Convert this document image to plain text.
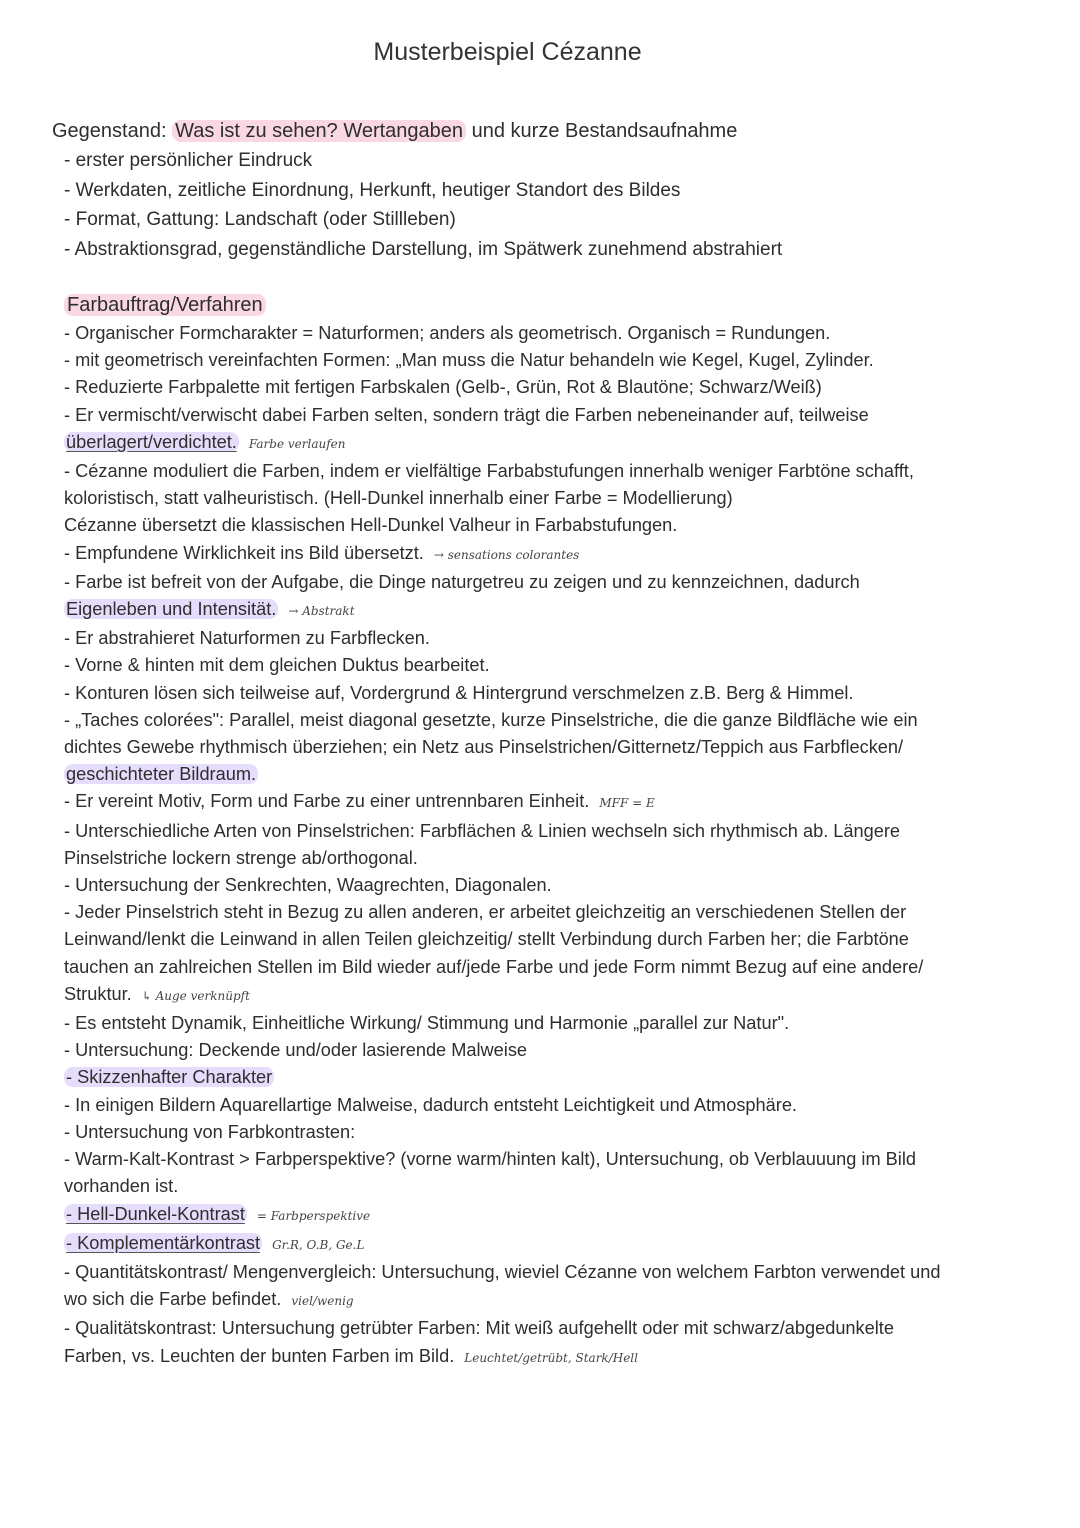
Musterbeispiel Cézanne
Gegenstand: Was ist zu sehen? Wertangaben und kurze Bestandsaufnahme
- erster persönlicher Eindruck
- Werkdaten, zeitliche Einordnung, Herkunft, heutiger Standort des Bildes
- Format, Gattung: Landschaft (oder Stillleben)
- Abstraktionsgrad, gegenständliche Darstellung, im Spätwerk zunehmend abstrahiert
Farbauftrag/Verfahren
- Organischer Formcharakter = Naturformen; anders als geometrisch. Organisch = Rundungen.
- mit geometrisch vereinfachten Formen: „Man muss die Natur behandeln wie Kegel, Kugel, Zylinder.
- Reduzierte Farbpalette mit fertigen Farbskalen (Gelb-, Grün, Rot & Blautöne; Schwarz/Weiß)
- Er vermischt/verwischt dabei Farben selten, sondern trägt die Farben nebeneinander auf, teilweise
überlagert/verdichtet. Farbe verlaufen
- Cézanne moduliert die Farben, indem er vielfältige Farbabstufungen innerhalb weniger Farbtöne schafft,
koloristisch, statt valheuristisch. (Hell-Dunkel innerhalb einer Farbe = Modellierung)
Cézanne übersetzt die klassischen Hell-Dunkel Valheur in Farbabstufungen.
- Empfundene Wirklichkeit ins Bild übersetzt. → sensations colorantes
- Farbe ist befreit von der Aufgabe, die Dinge naturgetreu zu zeigen und zu kennzeichnen, dadurch
Eigenleben und Intensität. → Abstrakt
- Er abstrahieret Naturformen zu Farbflecken.
- Vorne & hinten mit dem gleichen Duktus bearbeitet.
- Konturen lösen sich teilweise auf, Vordergrund & Hintergrund verschmelzen z.B. Berg & Himmel.
- „Taches colorées": Parallel, meist diagonal gesetzte, kurze Pinselstriche, die die ganze Bildfläche wie ein
dichtes Gewebe rhythmisch überziehen; ein Netz aus Pinselstrichen/Gitternetz/Teppich aus Farbflecken/
geschichteter Bildraum.
- Er vereint Motiv, Form und Farbe zu einer untrennbaren Einheit. MFF = E
- Unterschiedliche Arten von Pinselstrichen: Farbflächen & Linien wechseln sich rhythmisch ab. Längere
Pinselstriche lockern strenge ab/orthogonal.
- Untersuchung der Senkrechten, Waagrechten, Diagonalen.
- Jeder Pinselstrich steht in Bezug zu allen anderen, er arbeitet gleichzeitig an verschiedenen Stellen der
Leinwand/lenkt die Leinwand in allen Teilen gleichzeitig/ stellt Verbindung durch Farben her; die Farbtöne
tauchen an zahlreichen Stellen im Bild wieder auf/jede Farbe und jede Form nimmt Bezug auf eine andere/
Struktur. ↳ Auge verknüpft
- Es entsteht Dynamik, Einheitliche Wirkung/ Stimmung und Harmonie „parallel zur Natur".
- Untersuchung: Deckende und/oder lasierende Malweise
- Skizzenhafter Charakter
- In einigen Bildern Aquarellartige Malweise, dadurch entsteht Leichtigkeit und Atmosphäre.
- Untersuchung von Farbkontrasten:
- Warm-Kalt-Kontrast > Farbperspektive? (vorne warm/hinten kalt), Untersuchung, ob Verblauuung im Bild
vorhanden ist.
- Hell-Dunkel-Kontrast = Farbperspektive
- Komplementärkontrast Gr.R, O.B, Ge.L
- Quantitätskontrast/ Mengenvergleich: Untersuchung, wieviel Cézanne von welchem Farbton verwendet und
wo sich die Farbe befindet. viel/wenig
- Qualitätskontrast: Untersuchung getrübter Farben: Mit weiß aufgehellt oder mit schwarz/abgedunkelte
Farben, vs. Leuchten der bunten Farben im Bild. Leuchtet/getrübt, Stark/Hell
